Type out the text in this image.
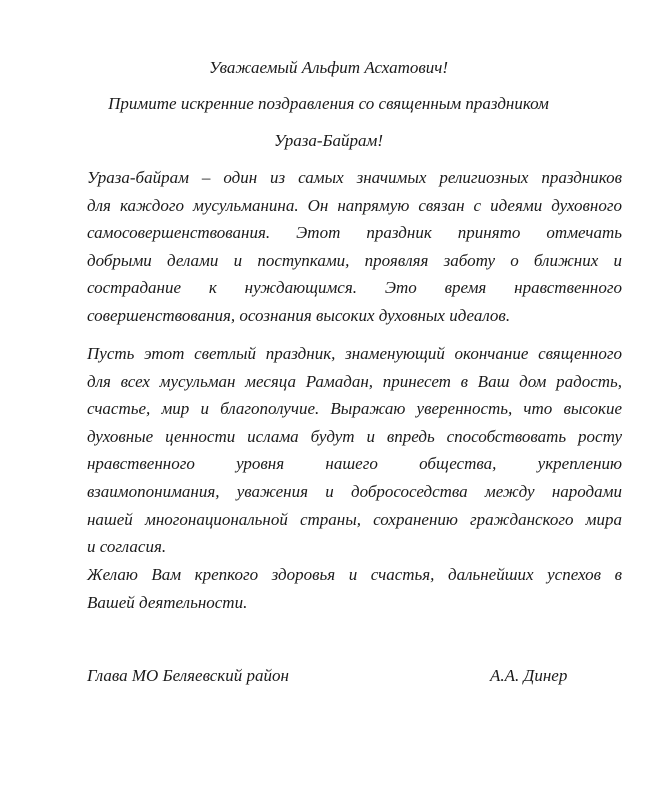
Уважаемый Альфит Асхатович!
Примите искренние поздравления со священным праздником
Ураза-Байрам!
Ураза-байрам – один из самых значимых религиозных праздников
для каждого мусульманина. Он напрямую связан с идеями духовного
самосовершенствования. Этот праздник принято отмечать
добрыми делами и поступками, проявляя заботу о ближних и
сострадание к нуждающимся. Это время нравственного
совершенствования, осознания высоких духовных идеалов.
Пусть этот светлый праздник, знаменующий окончание священного
для всех мусульман месяца Рамадан, принесет в Ваш дом радость,
счастье, мир и благополучие. Выражаю уверенность, что высокие
духовные ценности ислама будут и впредь способствовать росту
нравственного уровня нашего общества, укреплению
взаимопонимания, уважения и добрососедства между народами
нашей многонациональной страны, сохранению гражданского мира
и согласия.
Желаю Вам крепкого здоровья и счастья, дальнейших успехов в
Вашей деятельности.
Глава МО Беляевский район	А.А. Динер
